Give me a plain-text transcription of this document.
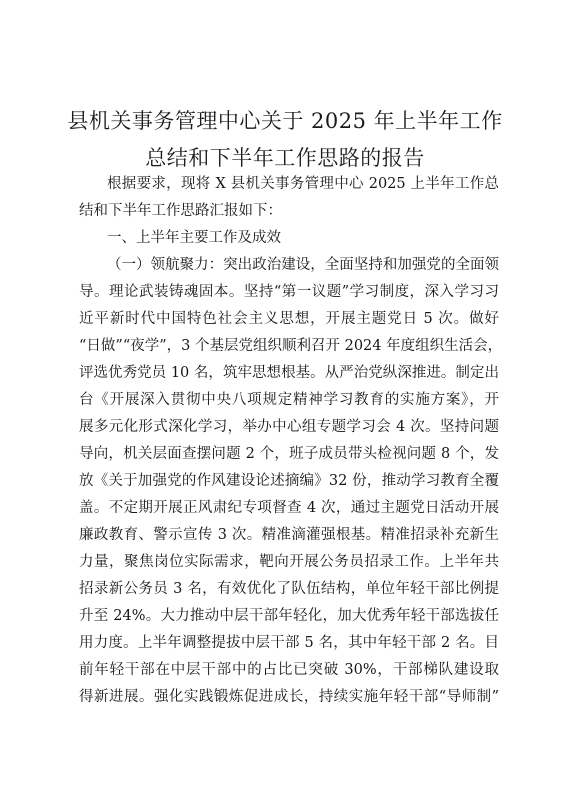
县机关事务管理中心关于 2025 年上半年工作
总结和下半年工作思路的报告
根据要求，现将 X 县机关事务管理中心 2025 上半年工作总
结和下半年工作思路汇报如下：
一、上半年主要工作及成效
（一）领航聚力：突出政治建设，全面坚持和加强党的全面领
导。理论武装铸魂固本。坚持“第一议题”学习制度，深入学习习
近平新时代中国特色社会主义思想，开展主题党日 5 次。做好
“日做”“夜学”，3 个基层党组织顺利召开 2024 年度组织生活会，
评选优秀党员 10 名，筑牢思想根基。从严治党纵深推进。制定出
台《开展深入贯彻中央八项规定精神学习教育的实施方案》，开
展多元化形式深化学习，举办中心组专题学习会 4 次。坚持问题
导向，机关层面查摆问题 2 个，班子成员带头检视问题 8 个，发
放《关于加强党的作风建设论述摘编》32 份，推动学习教育全覆
盖。不定期开展正风肃纪专项督查 4 次，通过主题党日活动开展
廉政教育、警示宣传 3 次。精准滴灌强根基。精准招录补充新生
力量，聚焦岗位实际需求，靶向开展公务员招录工作。上半年共
招录新公务员 3 名，有效优化了队伍结构，单位年轻干部比例提
升至 24%。大力推动中层干部年轻化，加大优秀年轻干部选拔任
用力度。上半年调整提拔中层干部 5 名，其中年轻干部 2 名。目
前年轻干部在中层干部中的占比已突破 30%，干部梯队建设取
得新进展。强化实践锻炼促进成长，持续实施年轻干部“导师制”
